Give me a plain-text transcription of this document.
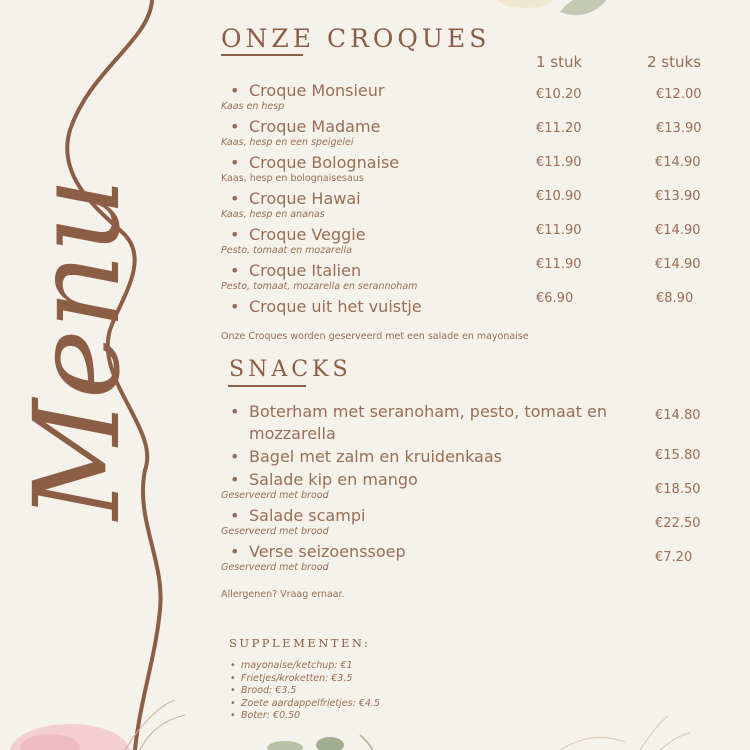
Menu
ONZE CROQUES
1 stuk	2 stuks
• Croque Monsieur
Kaas en hesp
€10.20	€12.00
• Croque Madame
Kaas, hesp en een speigelei
€11.20	€13.90
• Croque Bolognaise
Kaas, hesp en bolognaisesaus
€11.90	€14.90
• Croque Hawai
Kaas, hesp en ananas
€10.90	€13.90
• Croque Veggie
Pesto, tomaat en mozarella
€11.90	€14.90
• Croque Italien
Pesto, tomaat, mozarella en serannoham
€11.90	€14.90
• Croque uit het vuistje	€6.90	€8.90
Onze Croques worden geserveerd met een salade en mayonaise
SNACKS
• Boterham met seranoham, pesto, tomaat en
mozzarella
€14.80
• Bagel met zalm en kruidenkaas	€15.80
• Salade kip en mango
Geserveerd met brood	€18.50
• Salade scampi
Geserveerd met brood
€22.50
• Verse seizoenssoep
Geserveerd met brood
€7.20
Allergenen? Vraag ernaar.
SUPPLEMENTEN:
• mayonaise/ketchup: €1
• Frietjes/kroketten: €3.5
• Brood: €3.5
• Zoete aardappelfrietjes: €4.5
• Boter: €0.50
